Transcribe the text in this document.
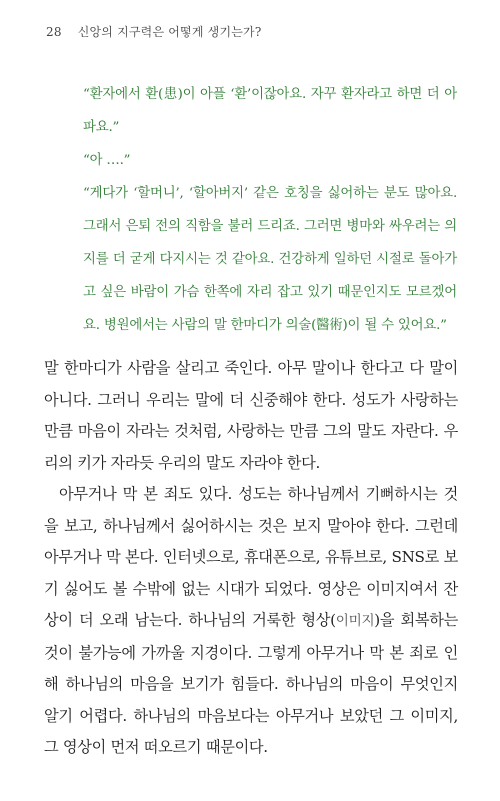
28 신앙의 지구력은 어떻게 생기는가?

“환자에서 환(患)이 아플 ‘환’이잖아요. 자꾸 환자라고 하면 더 아파요.”

“아 ….”

“게다가 ‘할머니’, ‘할아버지’ 같은 호칭을 싫어하는 분도 많아요. 그래서 은퇴 전의 직함을 불러 드리죠. 그러면 병마와 싸우려는 의지를 더 굳게 다지시는 것 같아요. 건강하게 일하던 시절로 돌아가고 싶은 바람이 가슴 한쪽에 자리 잡고 있기 때문인지도 모르겠어요. 병원에서는 사람의 말 한마디가 의술(醫術)이 될 수 있어요.”

말 한마디가 사람을 살리고 죽인다. 아무 말이나 한다고 다 말이 아니다. 그러니 우리는 말에 더 신중해야 한다. 성도가 사랑하는 만큼 마음이 자라는 것처럼, 사랑하는 만큼 그의 말도 자란다. 우리의 키가 자라듯 우리의 말도 자라야 한다.

아무거나 막 본 죄도 있다. 성도는 하나님께서 기뻐하시는 것을 보고, 하나님께서 싫어하시는 것은 보지 말아야 한다. 그런데 아무거나 막 본다. 인터넷으로, 휴대폰으로, 유튜브로, SNS로 보기 싫어도 볼 수밖에 없는 시대가 되었다. 영상은 이미지여서 잔상이 더 오래 남는다. 하나님의 거룩한 형상(이미지)을 회복하는 것이 불가능에 가까울 지경이다. 그렇게 아무거나 막 본 죄로 인해 하나님의 마음을 보기가 힘들다. 하나님의 마음이 무엇인지 알기 어렵다. 하나님의 마음보다는 아무거나 보았던 그 이미지, 그 영상이 먼저 떠오르기 때문이다.
